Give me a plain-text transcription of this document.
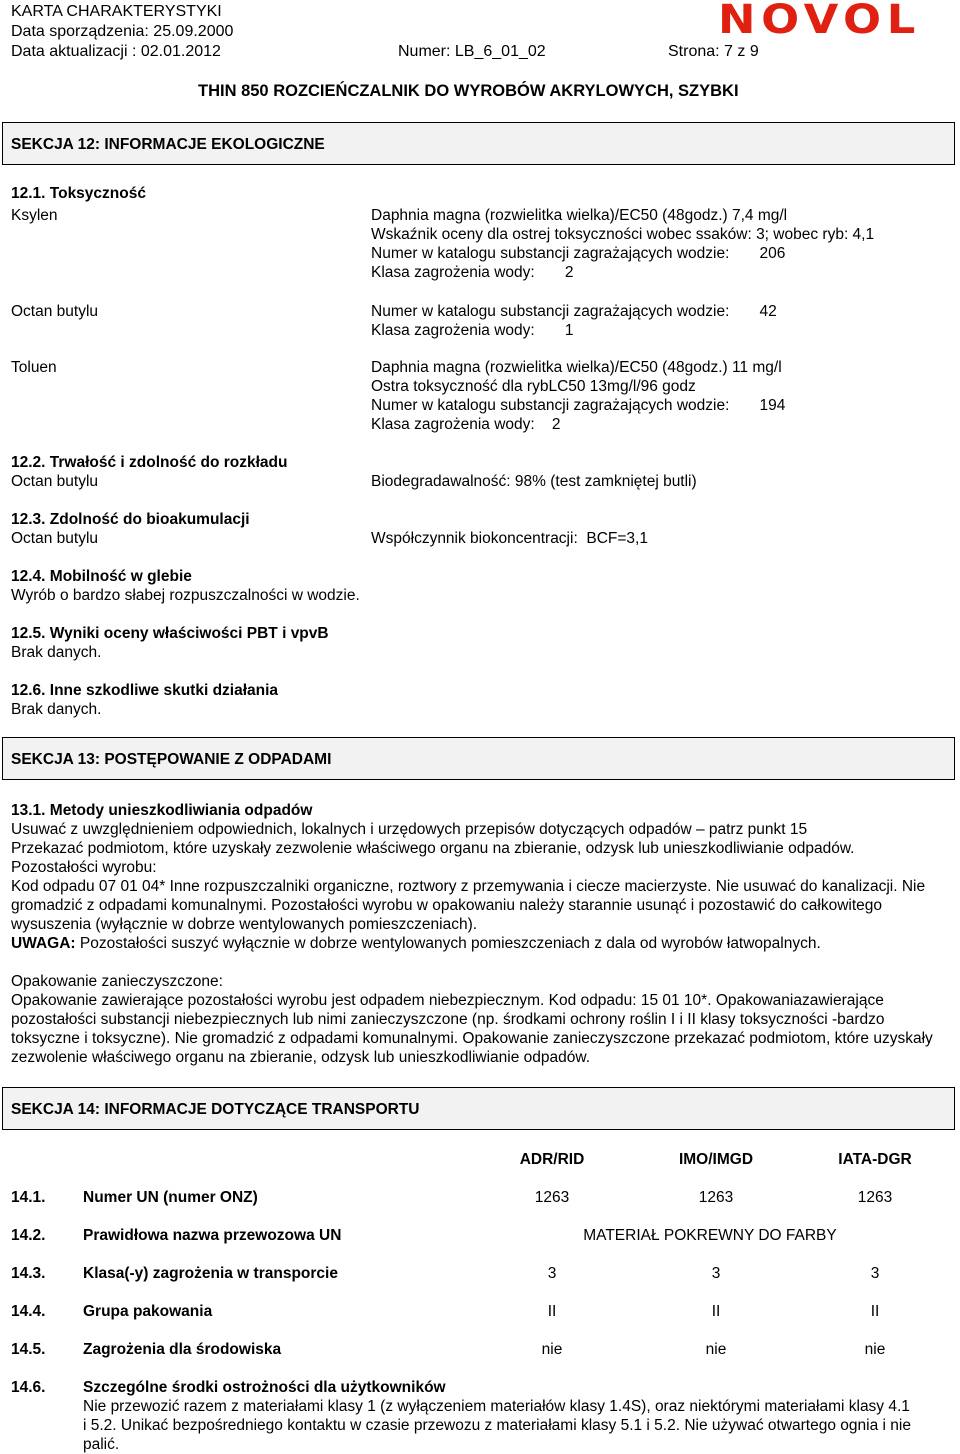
KARTA CHARAKTERYSTYKI
Data sporządzenia: 25.09.2000
Data aktualizacji : 02.01.2012	Numer: LB_6_01_02	Strona: 7 z 9
NOVOL
THIN 850 ROZCIEŃCZALNIK DO WYROBÓW AKRYLOWYCH, SZYBKI
SEKCJA 12: INFORMACJE EKOLOGICZNE
12.1. Toksyczność
Ksylen	Daphnia magna (rozwielitka wielka)/EC50 (48godz.) 7,4 mg/l
Wskaźnik oceny dla ostrej toksyczności wobec ssaków: 3; wobec ryb: 4,1
Numer w katalogu substancji zagrażających wodzie:       206
Klasa zagrożenia wody:       2
Octan butylu	Numer w katalogu substancji zagrażających wodzie:       42
Klasa zagrożenia wody:       1
Toluen	Daphnia magna (rozwielitka wielka)/EC50 (48godz.) 11 mg/l
Ostra toksyczność dla rybLC50 13mg/l/96 godz
Numer w katalogu substancji zagrażających wodzie:       194
Klasa zagrożenia wody:    2
12.2. Trwałość i zdolność do rozkładu
Octan butylu	Biodegradawalność: 98% (test zamkniętej butli)
12.3. Zdolność do bioakumulacji
Octan butylu	Współczynnik biokoncentracji:  BCF=3,1
12.4. Mobilność w glebie
Wyrób o bardzo słabej rozpuszczalności w wodzie.
12.5. Wyniki oceny właściwości PBT i vpvB
Brak danych.
12.6. Inne szkodliwe skutki działania
Brak danych.
SEKCJA 13: POSTĘPOWANIE Z ODPADAMI
13.1. Metody unieszkodliwiania odpadów
Usuwać z uwzględnieniem odpowiednich, lokalnych i urzędowych przepisów dotyczących odpadów – patrz punkt 15
Przekazać podmiotom, które uzyskały zezwolenie właściwego organu na zbieranie, odzysk lub unieszkodliwianie odpadów.
Pozostałości wyrobu:
Kod odpadu 07 01 04* Inne rozpuszczalniki organiczne, roztwory z przemywania i ciecze macierzyste. Nie usuwać do kanalizacji. Nie gromadzić z odpadami komunalnymi. Pozostałości wyrobu w opakowaniu należy starannie usunąć i pozostawić do całkowitego wysuszenia (wyłącznie w dobrze wentylowanych pomieszczeniach).
UWAGA: Pozostałości suszyć wyłącznie w dobrze wentylowanych pomieszczeniach z dala od wyrobów łatwopalnych.
Opakowanie zanieczyszczone:
Opakowanie zawierające pozostałości wyrobu jest odpadem niebezpiecznym. Kod odpadu: 15 01 10*. Opakowaniazawierające pozostałości substancji niebezpiecznych lub nimi zanieczyszczone (np. środkami ochrony roślin I i II klasy toksyczności -bardzo toksyczne i toksyczne). Nie gromadzić z odpadami komunalnymi. Opakowanie zanieczyszczone przekazać podmiotom, które uzyskały zezwolenie właściwego organu na zbieranie, odzysk lub unieszkodliwianie odpadów.
SEKCJA 14: INFORMACJE DOTYCZĄCE TRANSPORTU
ADR/RID	IMO/IMGD	IATA-DGR
14.1. Numer UN (numer ONZ)	1263	1263	1263
14.2. Prawidłowa nazwa przewozowa UN	MATERIAŁ POKREWNY DO FARBY
14.3. Klasa(-y) zagrożenia w transporcie	3	3	3
14.4. Grupa pakowania	II	II	II
14.5. Zagrożenia dla środowiska	nie	nie	nie
14.6. Szczególne środki ostrożności dla użytkowników
Nie przewozić razem z materiałami klasy 1 (z wyłączeniem materiałów klasy 1.4S), oraz niektórymi materiałami klasy 4.1 i 5.2. Unikać bezpośredniego kontaktu w czasie przewozu z materiałami klasy 5.1 i 5.2. Nie używać otwartego ognia i nie palić.
